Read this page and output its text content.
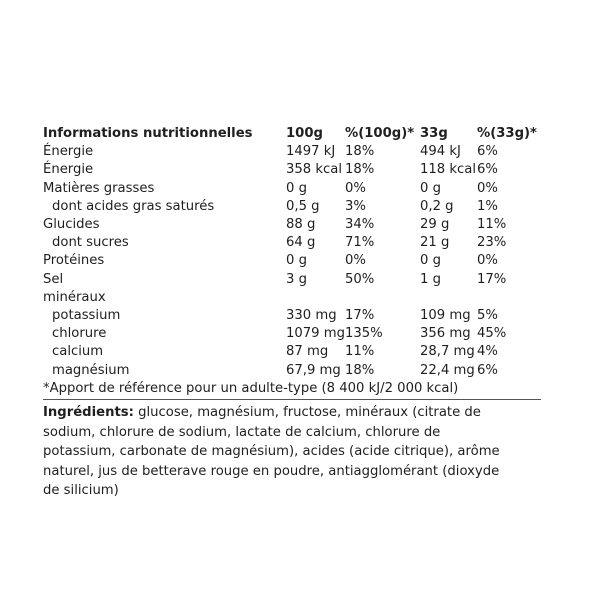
Informations nutritionnelles	100g	%(100g)*	33g	%(33g)*
Énergie	1497 kJ	18%	494 kJ	6%
Énergie	358 kcal	18%	118 kcal	6%
Matières grasses	0 g	0%	0 g	0%
dont acides gras saturés	0,5 g	3%	0,2 g	1%
Glucides	88 g	34%	29 g	11%
dont sucres	64 g	71%	21 g	23%
Protéines	0 g	0%	0 g	0%
Sel	3 g	50%	1 g	17%
minéraux				
potassium	330 mg	17%	109 mg	5%
chlorure	1079 mg	135%	356 mg	45%
calcium	87 mg	11%	28,7 mg	4%
magnésium	67,9 mg	18%	22,4 mg	6%
*Apport de référence pour un adulte-type (8 400 kJ/2 000 kcal)
Ingrédients: glucose, magnésium, fructose, minéraux (citrate de sodium, chlorure de sodium, lactate de calcium, chlorure de potassium, carbonate de magnésium), acides (acide citrique), arôme naturel, jus de betterave rouge en poudre, antiagglomérant (dioxyde de silicium)
